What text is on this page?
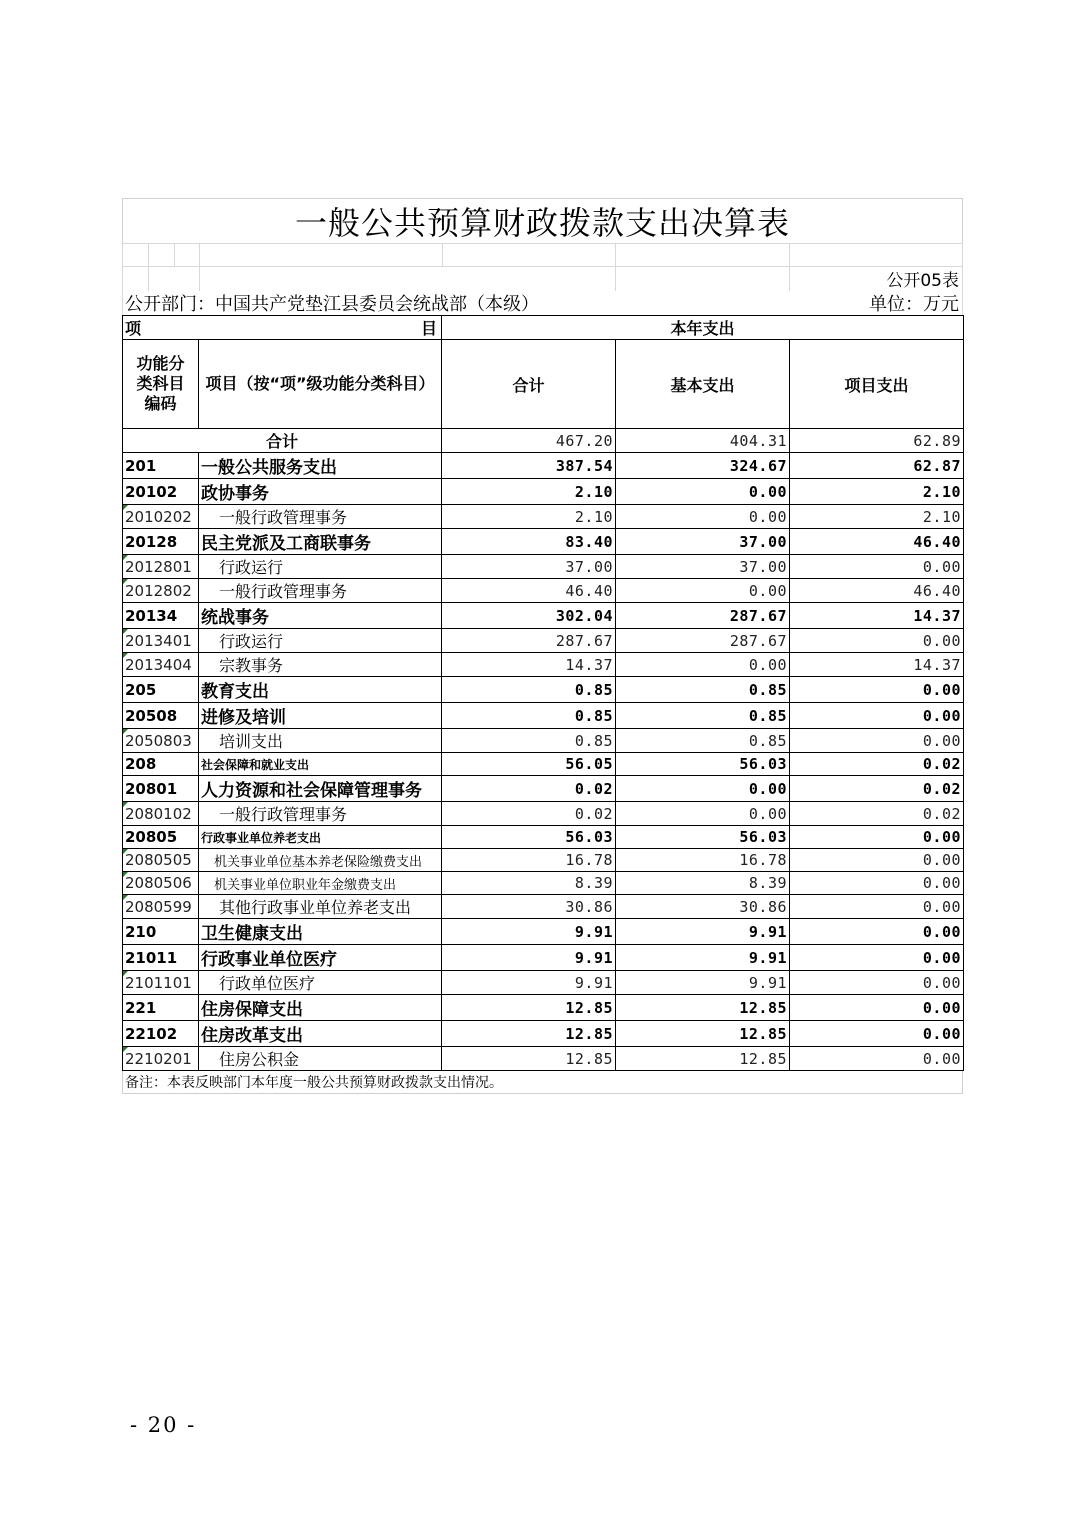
一般公共预算财政拨款支出决算表
公开05表
公开部门：中国共产党垫江县委员会统战部（本级）	单位：万元
项 目		本年支出		
功能分类科目编码	项目（按“项”级功能分类科目）	合计	基本支出	项目支出
合计		467.20	404.31	62.89
201	一般公共服务支出	387.54	324.67	62.87
20102	政协事务	2.10	0.00	2.10
2010202	一般行政管理事务	2.10	0.00	2.10
20128	民主党派及工商联事务	83.40	37.00	46.40
2012801	行政运行	37.00	37.00	0.00
2012802	一般行政管理事务	46.40	0.00	46.40
20134	统战事务	302.04	287.67	14.37
2013401	行政运行	287.67	287.67	0.00
2013404	宗教事务	14.37	0.00	14.37
205	教育支出	0.85	0.85	0.00
20508	进修及培训	0.85	0.85	0.00
2050803	培训支出	0.85	0.85	0.00
208	社会保障和就业支出	56.05	56.03	0.02
20801	人力资源和社会保障管理事务	0.02	0.00	0.02
2080102	一般行政管理事务	0.02	0.00	0.02
20805	行政事业单位养老支出	56.03	56.03	0.00
2080505	机关事业单位基本养老保险缴费支出	16.78	16.78	0.00
2080506	机关事业单位职业年金缴费支出	8.39	8.39	0.00
2080599	其他行政事业单位养老支出	30.86	30.86	0.00
210	卫生健康支出	9.91	9.91	0.00
21011	行政事业单位医疗	9.91	9.91	0.00
2101101	行政单位医疗	9.91	9.91	0.00
221	住房保障支出	12.85	12.85	0.00
22102	住房改革支出	12.85	12.85	0.00
2210201	住房公积金	12.85	12.85	0.00
备注：本表反映部门本年度一般公共预算财政拨款支出情况。
- 20 -
